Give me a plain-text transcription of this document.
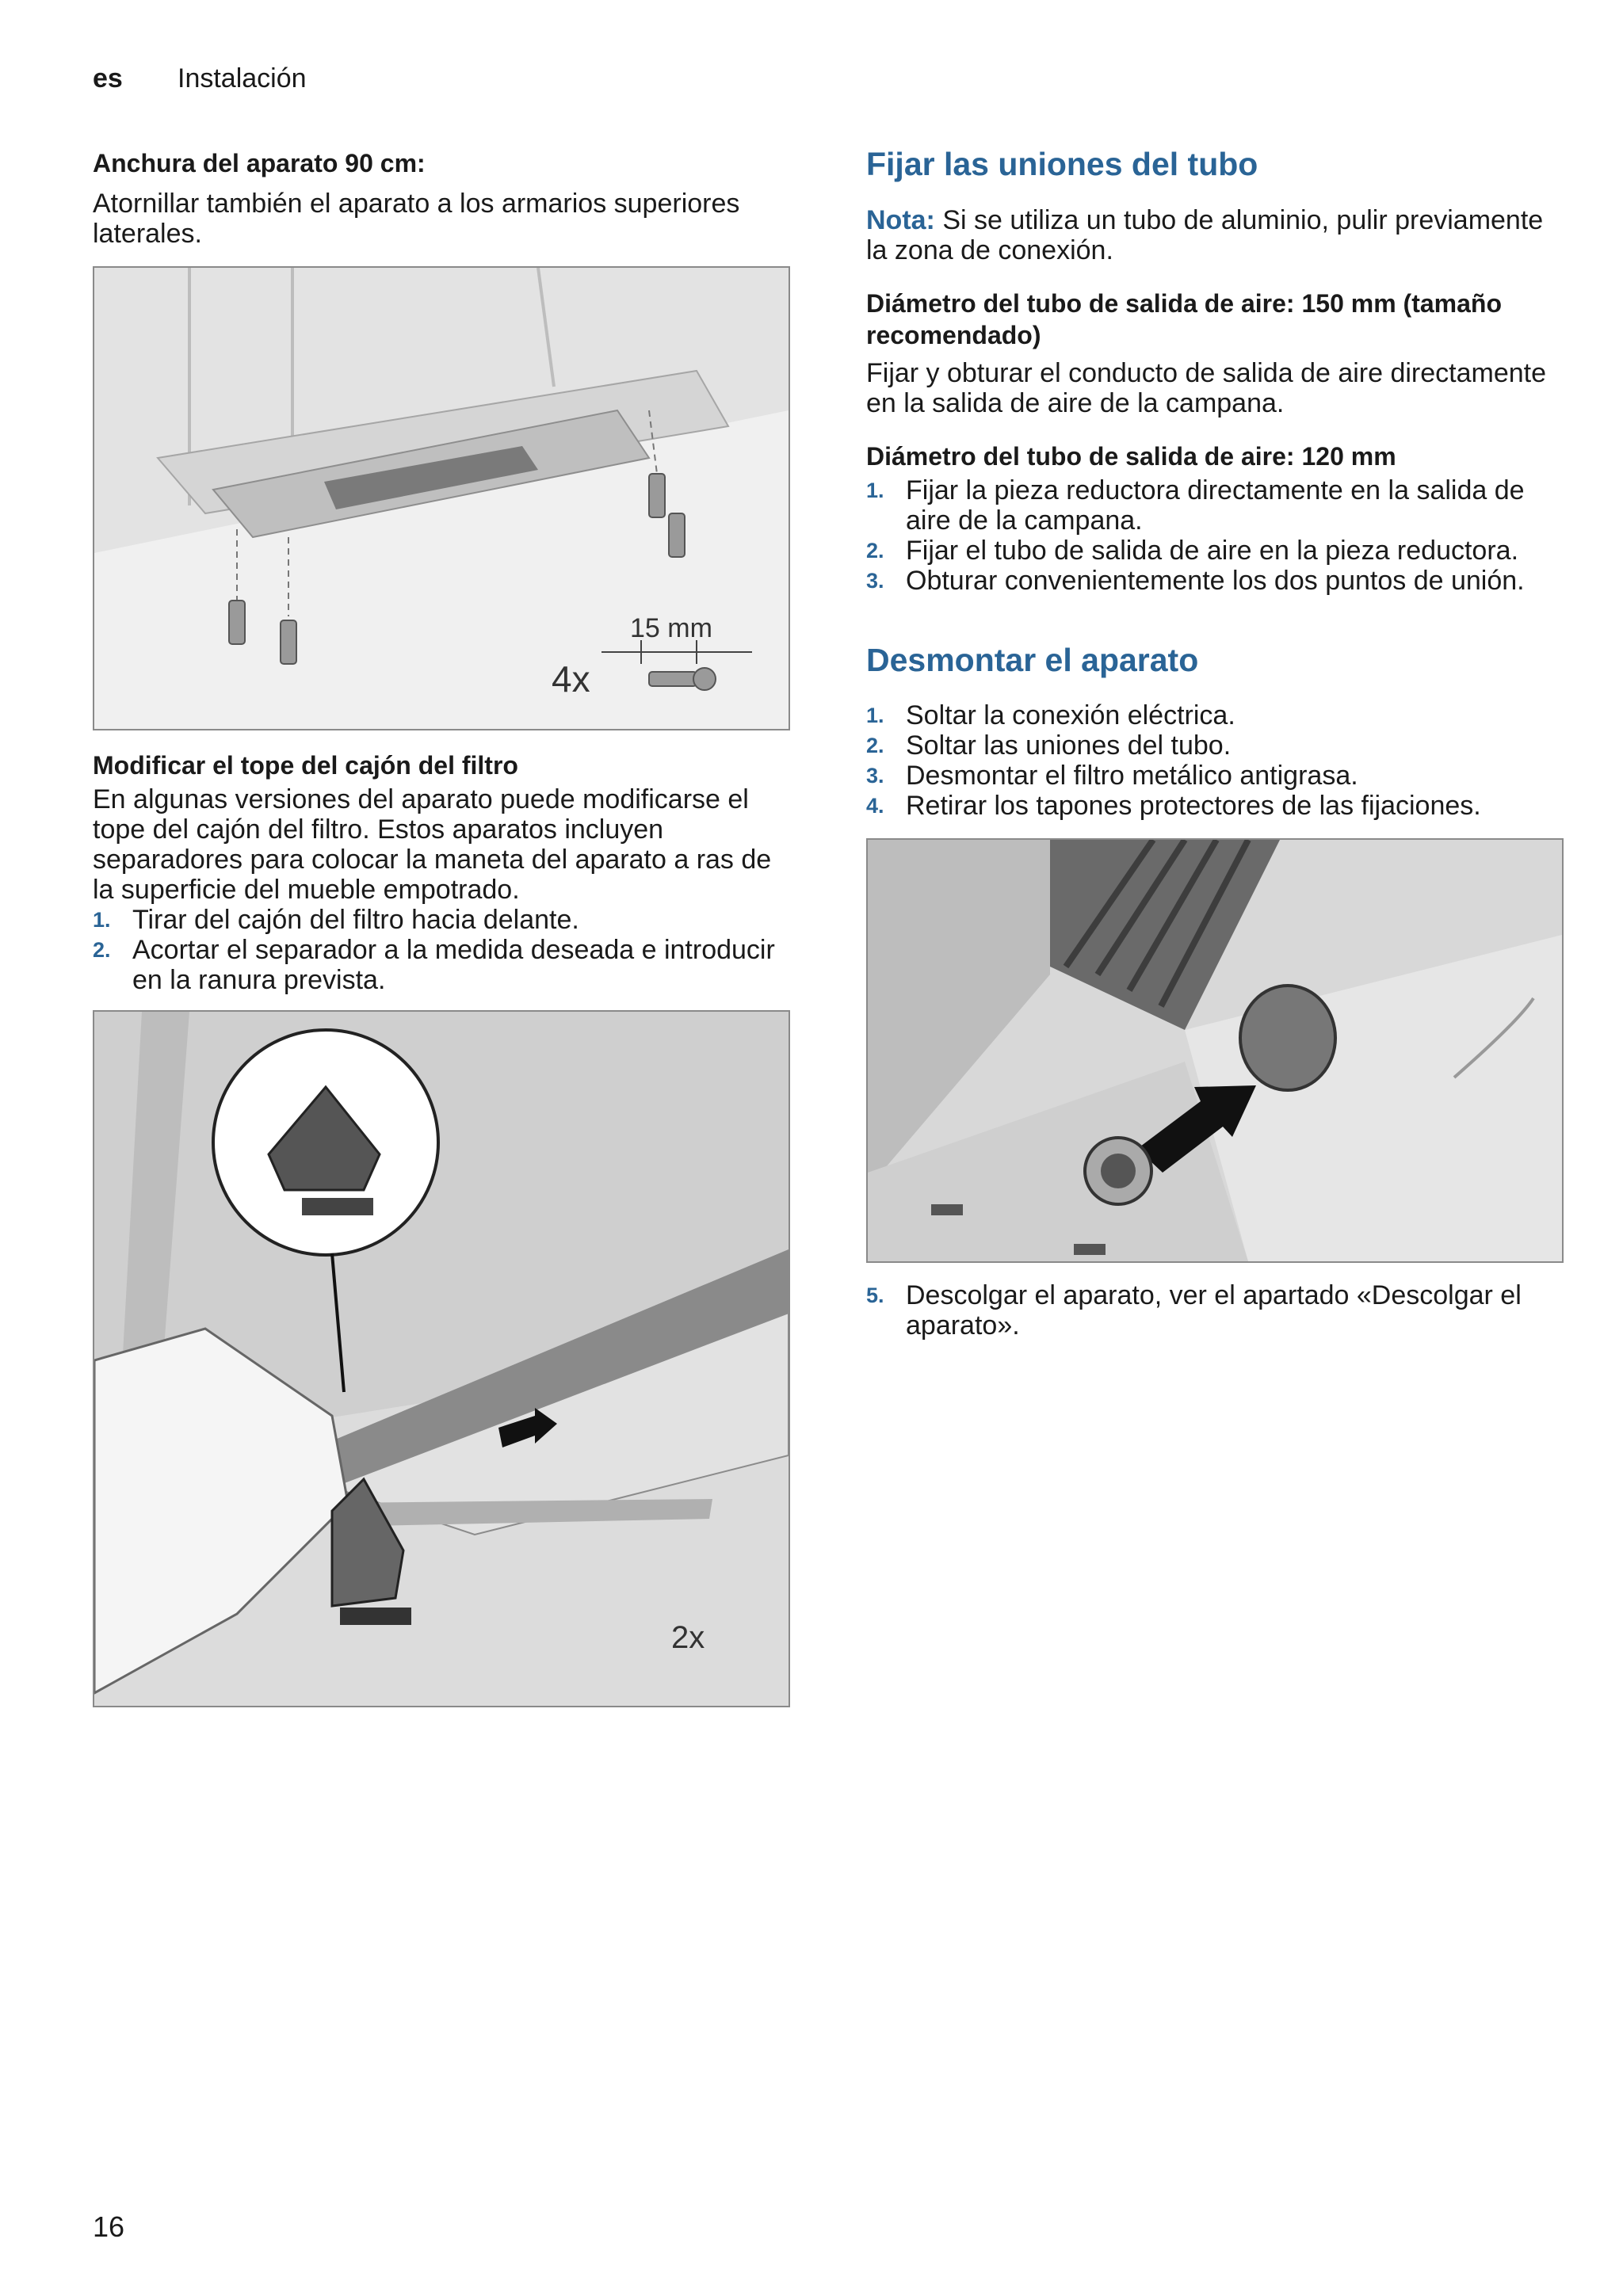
es Instalación
Anchura del aparato 90 cm:

Atornillar también el aparato a los armarios superiores laterales.

15 mm
4x
Modificar el tope del cajón del filtro

En algunas versiones del aparato puede modificarse el tope del cajón del filtro. Estos aparatos incluyen separadores para colocar la maneta del aparato a ras de la superficie del mueble empotrado.

1. Tirar del cajón del filtro hacia delante.
2. Acortar el separador a la medida deseada e introducir en la ranura prevista.
2x
Fijar las uniones del tubo

Nota: Si se utiliza un tubo de aluminio, pulir previamente la zona de conexión.

Diámetro del tubo de salida de aire: 150 mm (tamaño recomendado)

Fijar y obturar el conducto de salida de aire directamente en la salida de aire de la campana.

Diámetro del tubo de salida de aire: 120 mm
1. Fijar la pieza reductora directamente en la salida de aire de la campana.
2. Fijar el tubo de salida de aire en la pieza reductora.
3. Obturar convenientemente los dos puntos de unión.
Desmontar el aparato
1. Soltar la conexión eléctrica.
2. Soltar las uniones del tubo.
3. Desmontar el filtro metálico antigrasa.
4. Retirar los tapones protectores de las fijaciones.
5. Descolgar el aparato, ver el apartado «Descolgar el aparato».
16
